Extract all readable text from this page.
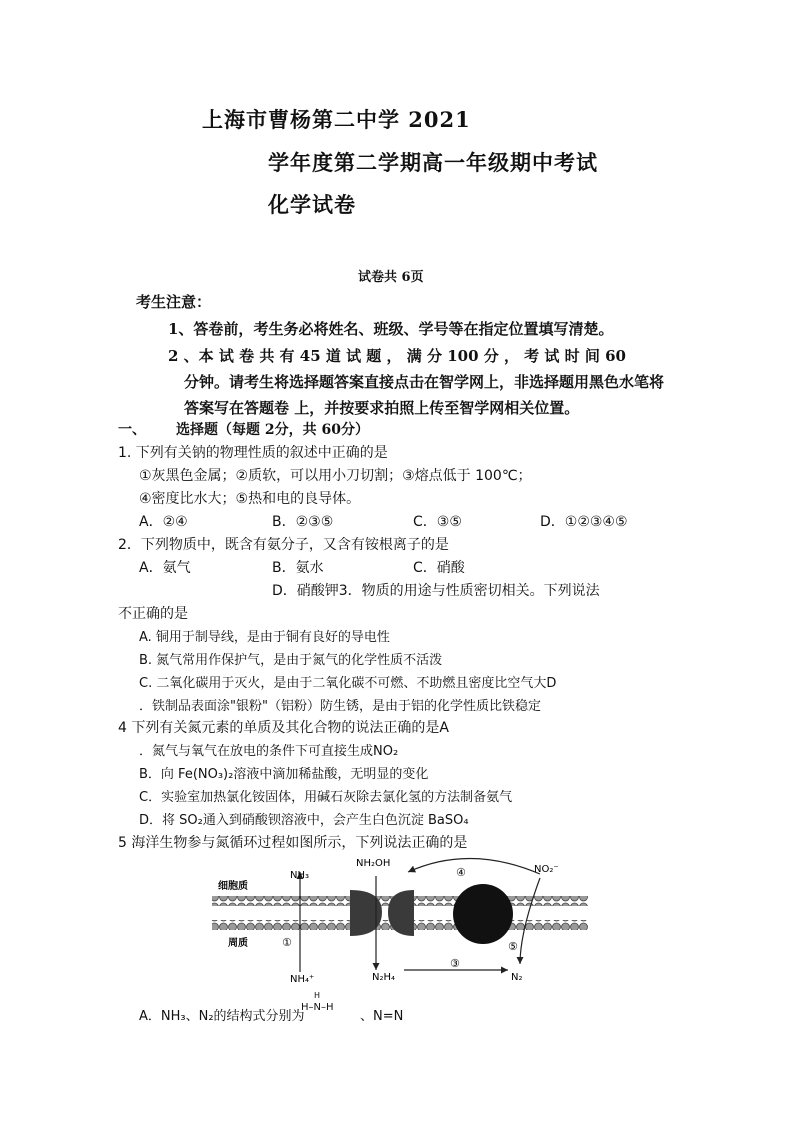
上海市曹杨第二中学 2021
学年度第二学期高一年级期中考试
化学试卷
试卷共 6页
考生注意：
1、答卷前，考生务必将姓名、班级、学号等在指定位置填写清楚。
2 、本 试 卷 共 有 45 道 试 题 ， 满 分 100 分 ， 考 试 时 间 60
分钟。请考生将选择题答案直接点击在智学网上，非选择题用黑色水笔将
答案写在答题卷 上，并按要求拍照上传至智学网相关位置。
一、 选择题（每题 2分，共 60分）
1. 下列有关钠的物理性质的叙述中正确的是
①灰黑色金属；②质软，可以用小刀切割；③熔点低于 100℃；
④密度比水大；⑤热和电的良导体。
A．②④	B．②③⑤	C．③⑤	D．①②③④⑤
2．下列物质中，既含有氨分子，又含有铵根离子的是
A．氨气	B．氨水	C．硝酸
D．硝酸钾3．物质的用途与性质密切相关。下列说法
不正确的是
A. 铜用于制导线，是由于铜有良好的导电性
B. 氮气常用作保护气，是由于氮气的化学性质不活泼
C. 二氧化碳用于灭火，是由于二氧化碳不可燃、不助燃且密度比空气大D
．铁制品表面涂"银粉"（铝粉）防生锈，是由于铝的化学性质比铁稳定
4 下列有关氮元素的单质及其化合物的说法正确的是A
．氮气与氧气在放电的条件下可直接生成NO₂
B．向 Fe(NO₃)₂溶液中滴加稀盐酸，无明显的变化
C．实验室加热氯化铵固体，用碱石灰除去氯化氢的方法制备氨气
D．将 SO₂通入到硝酸钡溶液中，会产生白色沉淀 BaSO₄
5 海洋生物参与氮循环过程如图所示，下列说法正确的是
细胞质
周质
NH₃
NH₄⁺
NH₂OH
N₂H₄	N₂
NO₂⁻
①
③
④
⑤
A．NH₃、N₂的结构式分别为
H
H–N–H
、N=N
